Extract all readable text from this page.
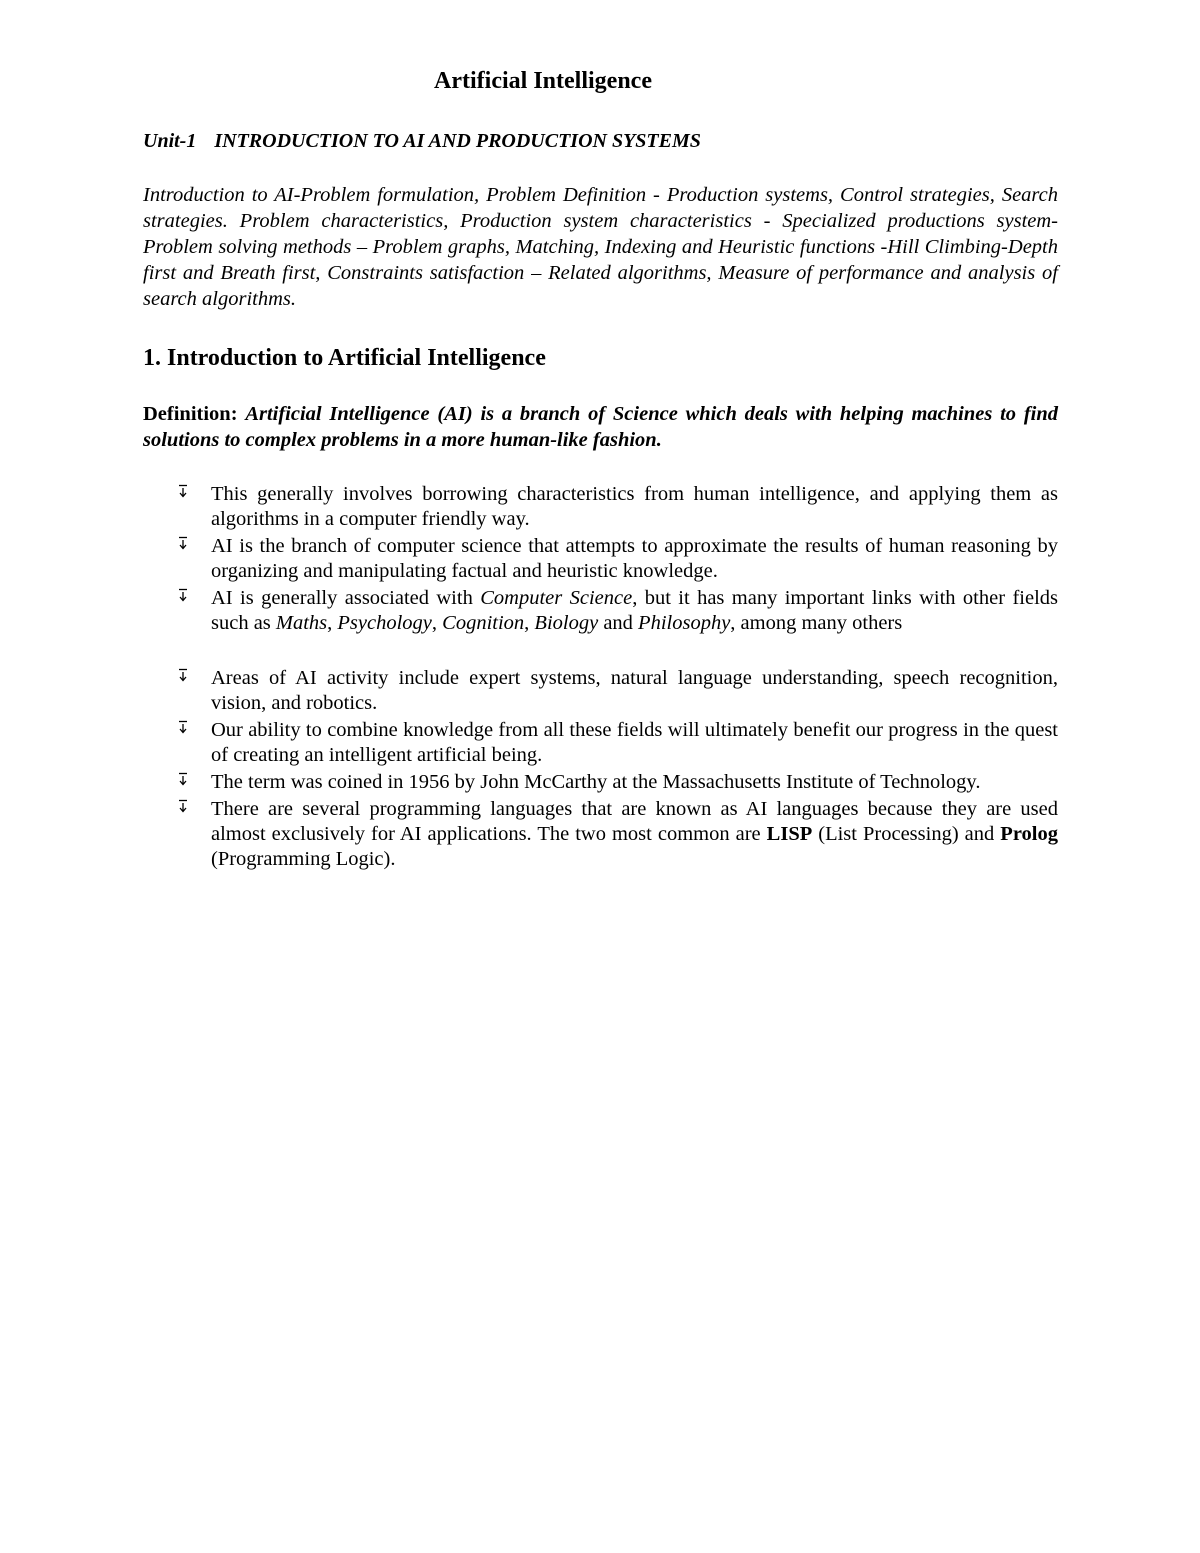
Artificial Intelligence
Unit-1 INTRODUCTION TO AI AND PRODUCTION SYSTEMS

Introduction to AI-Problem formulation, Problem Definition - Production systems, Control strategies, Search strategies. Problem characteristics, Production system characteristics - Specialized productions system- Problem solving methods – Problem graphs, Matching, Indexing and Heuristic functions -Hill Climbing-Depth first and Breath first, Constraints satisfaction – Related algorithms, Measure of performance and analysis of search algorithms.

1. Introduction to Artificial Intelligence

Definition: Artificial Intelligence (AI) is a branch of Science which deals with helping machines to find solutions to complex problems in a more human-like fashion.

This generally involves borrowing characteristics from human intelligence, and applying them as algorithms in a computer friendly way.
AI is the branch of computer science that attempts to approximate the results of human reasoning by organizing and manipulating factual and heuristic knowledge.
AI is generally associated with Computer Science, but it has many important links with other fields such as Maths, Psychology, Cognition, Biology and Philosophy, among many others
Areas of AI activity include expert systems, natural language understanding, speech recognition, vision, and robotics.
Our ability to combine knowledge from all these fields will ultimately benefit our progress in the quest of creating an intelligent artificial being.
The term was coined in 1956 by John McCarthy at the Massachusetts Institute of Technology.
There are several programming languages that are known as AI languages because they are used almost exclusively for AI applications. The two most common are LISP (List Processing) and Prolog (Programming Logic).
